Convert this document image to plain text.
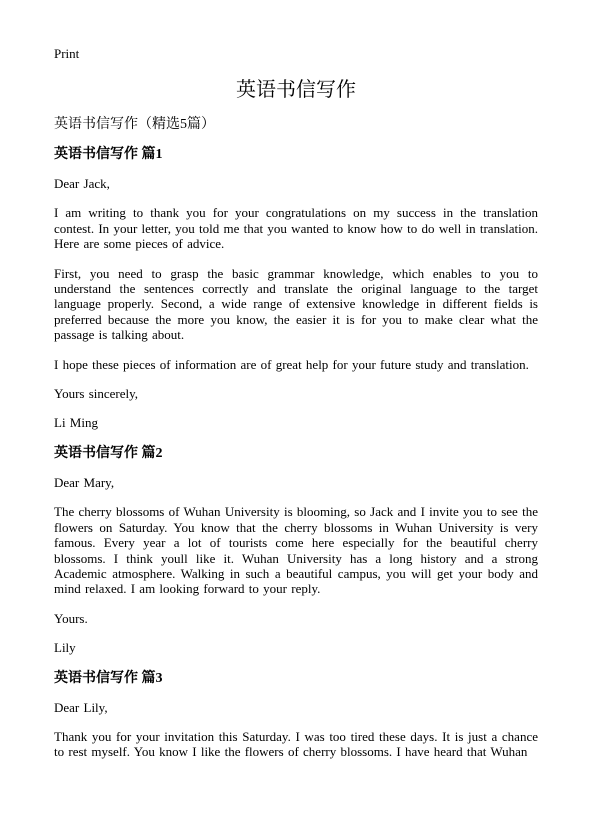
Print
英语书信写作
英语书信写作（精选5篇）
英语书信写作 篇1

Dear Jack,

I am writing to thank you for your congratulations on my success in the translation contest. In your letter, you told me that you wanted to know how to do well in translation. Here are some pieces of advice.

First, you need to grasp the basic grammar knowledge, which enables to you to understand the sentences correctly and translate the original language to the target language properly. Second, a wide range of extensive knowledge in different fields is preferred because the more you know, the easier it is for you to make clear what the passage is talking about.

I hope these pieces of information are of great help for your future study and translation.

Yours sincerely,

Li Ming

英语书信写作 篇2

Dear Mary,

The cherry blossoms of Wuhan University is blooming, so Jack and I invite you to see the flowers on Saturday. You know that the cherry blossoms in Wuhan University is very famous. Every year a lot of tourists come here especially for the beautiful cherry blossoms. I think youll like it. Wuhan University has a long history and a strong Academic atmosphere. Walking in such a beautiful campus, you will get your body and mind relaxed. I am looking forward to your reply.

Yours.

Lily

英语书信写作 篇3

Dear Lily,

Thank you for your invitation this Saturday. I was too tired these days. It is just a chance to rest myself. You know I like the flowers of cherry blossoms. I have heard that Wuhan
